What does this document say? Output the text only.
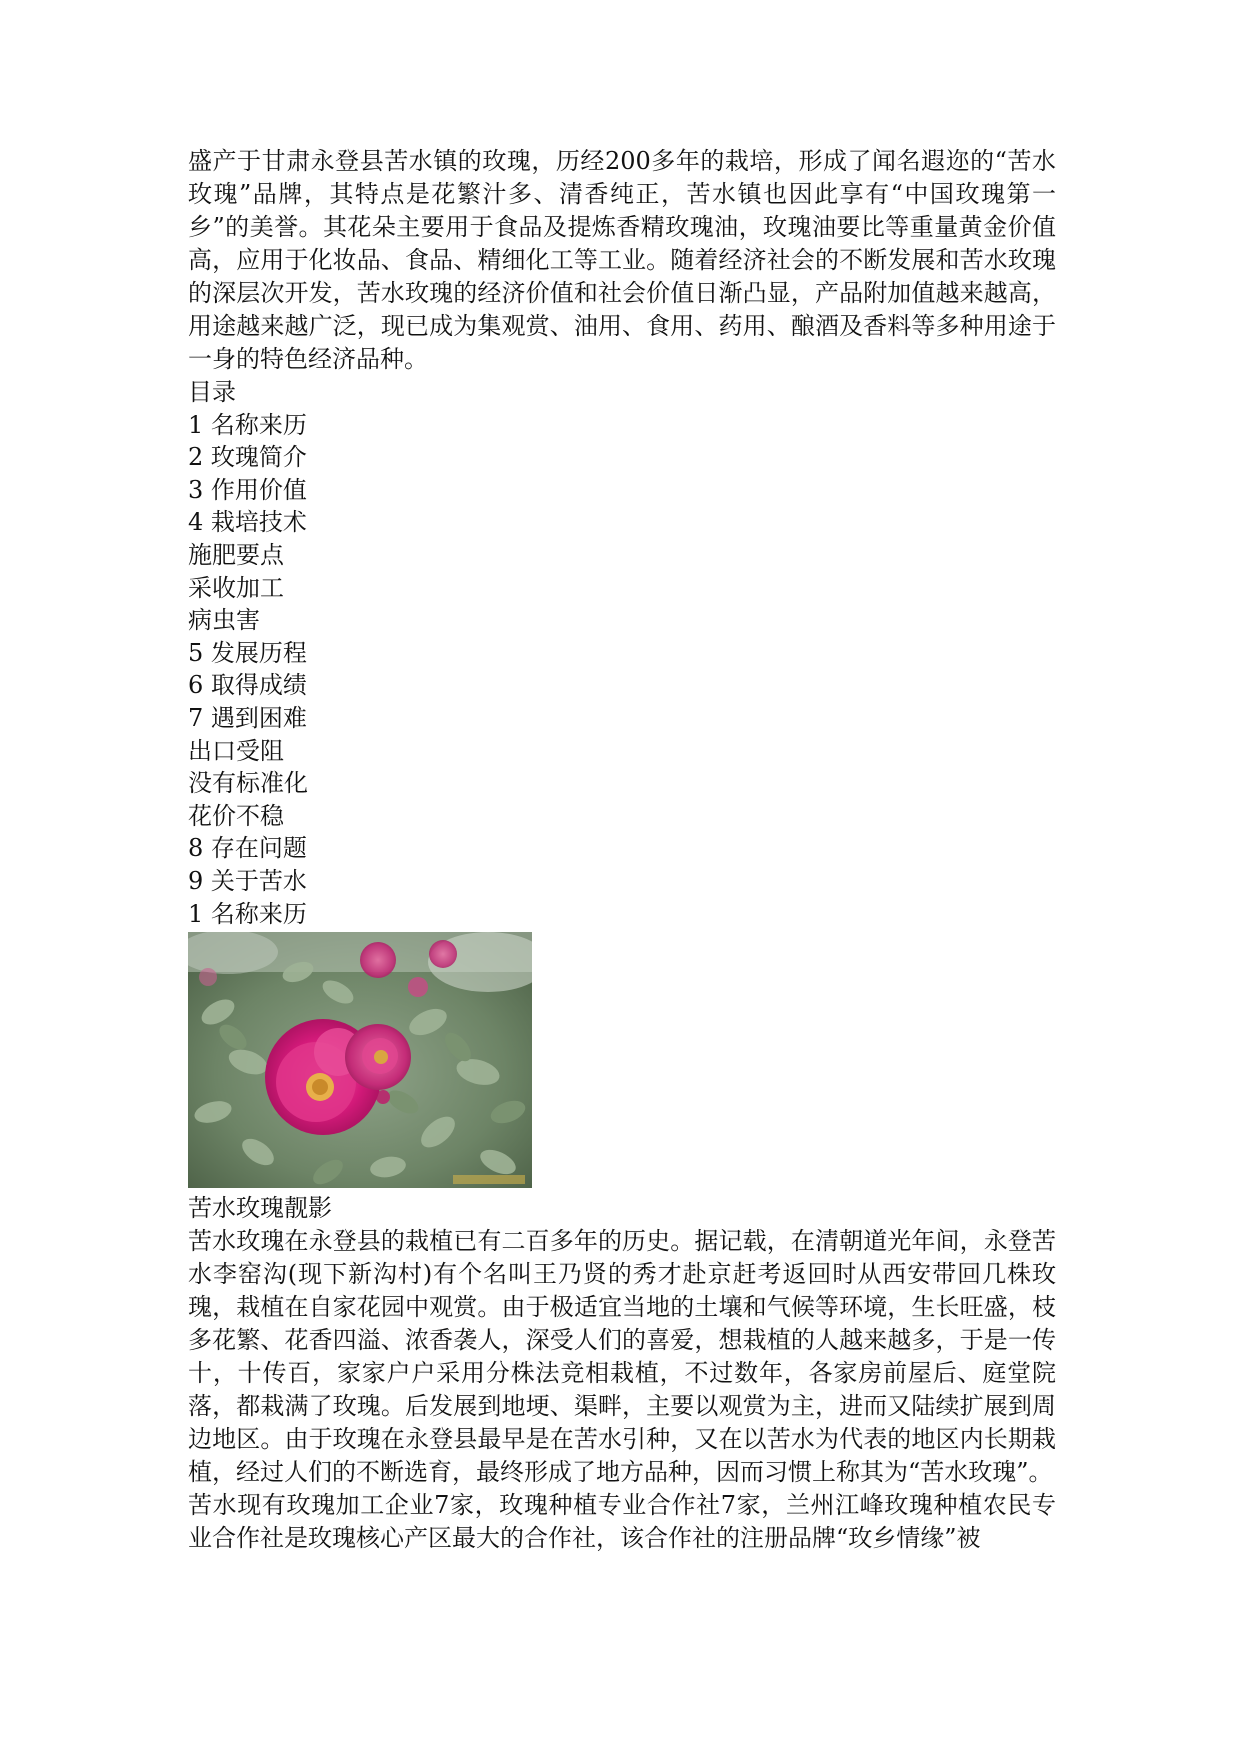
盛产于甘肃永登县苦水镇的玫瑰，历经200多年的栽培，形成了闻名遐迩的“苦水玫瑰”品牌，其特点是花繁汁多、清香纯正，苦水镇也因此享有“中国玫瑰第一乡”的美誉。其花朵主要用于食品及提炼香精玫瑰油，玫瑰油要比等重量黄金价值高，应用于化妆品、食品、精细化工等工业。随着经济社会的不断发展和苦水玫瑰的深层次开发，苦水玫瑰的经济价值和社会价值日渐凸显，产品附加值越来越高，用途越来越广泛，现已成为集观赏、油用、食用、药用、酿酒及香料等多种用途于一身的特色经济品种。

目录

1 名称来历
2 玫瑰简介
3 作用价值
4 栽培技术
施肥要点
采收加工
病虫害
5 发展历程
6 取得成绩
7 遇到困难
出口受阻
没有标准化
花价不稳
8 存在问题
9 关于苦水

1 名称来历

苦水玫瑰靓影

苦水玫瑰在永登县的栽植已有二百多年的历史。据记载，在清朝道光年间，永登苦水李窑沟(现下新沟村)有个名叫王乃贤的秀才赴京赶考返回时从西安带回几株玫瑰，栽植在自家花园中观赏。由于极适宜当地的土壤和气候等环境，生长旺盛，枝多花繁、花香四溢、浓香袭人，深受人们的喜爱，想栽植的人越来越多，于是一传十，十传百，家家户户采用分株法竞相栽植，不过数年，各家房前屋后、庭堂院落，都栽满了玫瑰。后发展到地埂、渠畔，主要以观赏为主，进而又陆续扩展到周边地区。由于玫瑰在永登县最早是在苦水引种，又在以苦水为代表的地区内长期栽植，经过人们的不断选育，最终形成了地方品种，因而习惯上称其为“苦水玫瑰”。

苦水现有玫瑰加工企业7家，玫瑰种植专业合作社7家，兰州江峰玫瑰种植农民专业合作社是玫瑰核心产区最大的合作社，该合作社的注册品牌“玫乡情缘”被
